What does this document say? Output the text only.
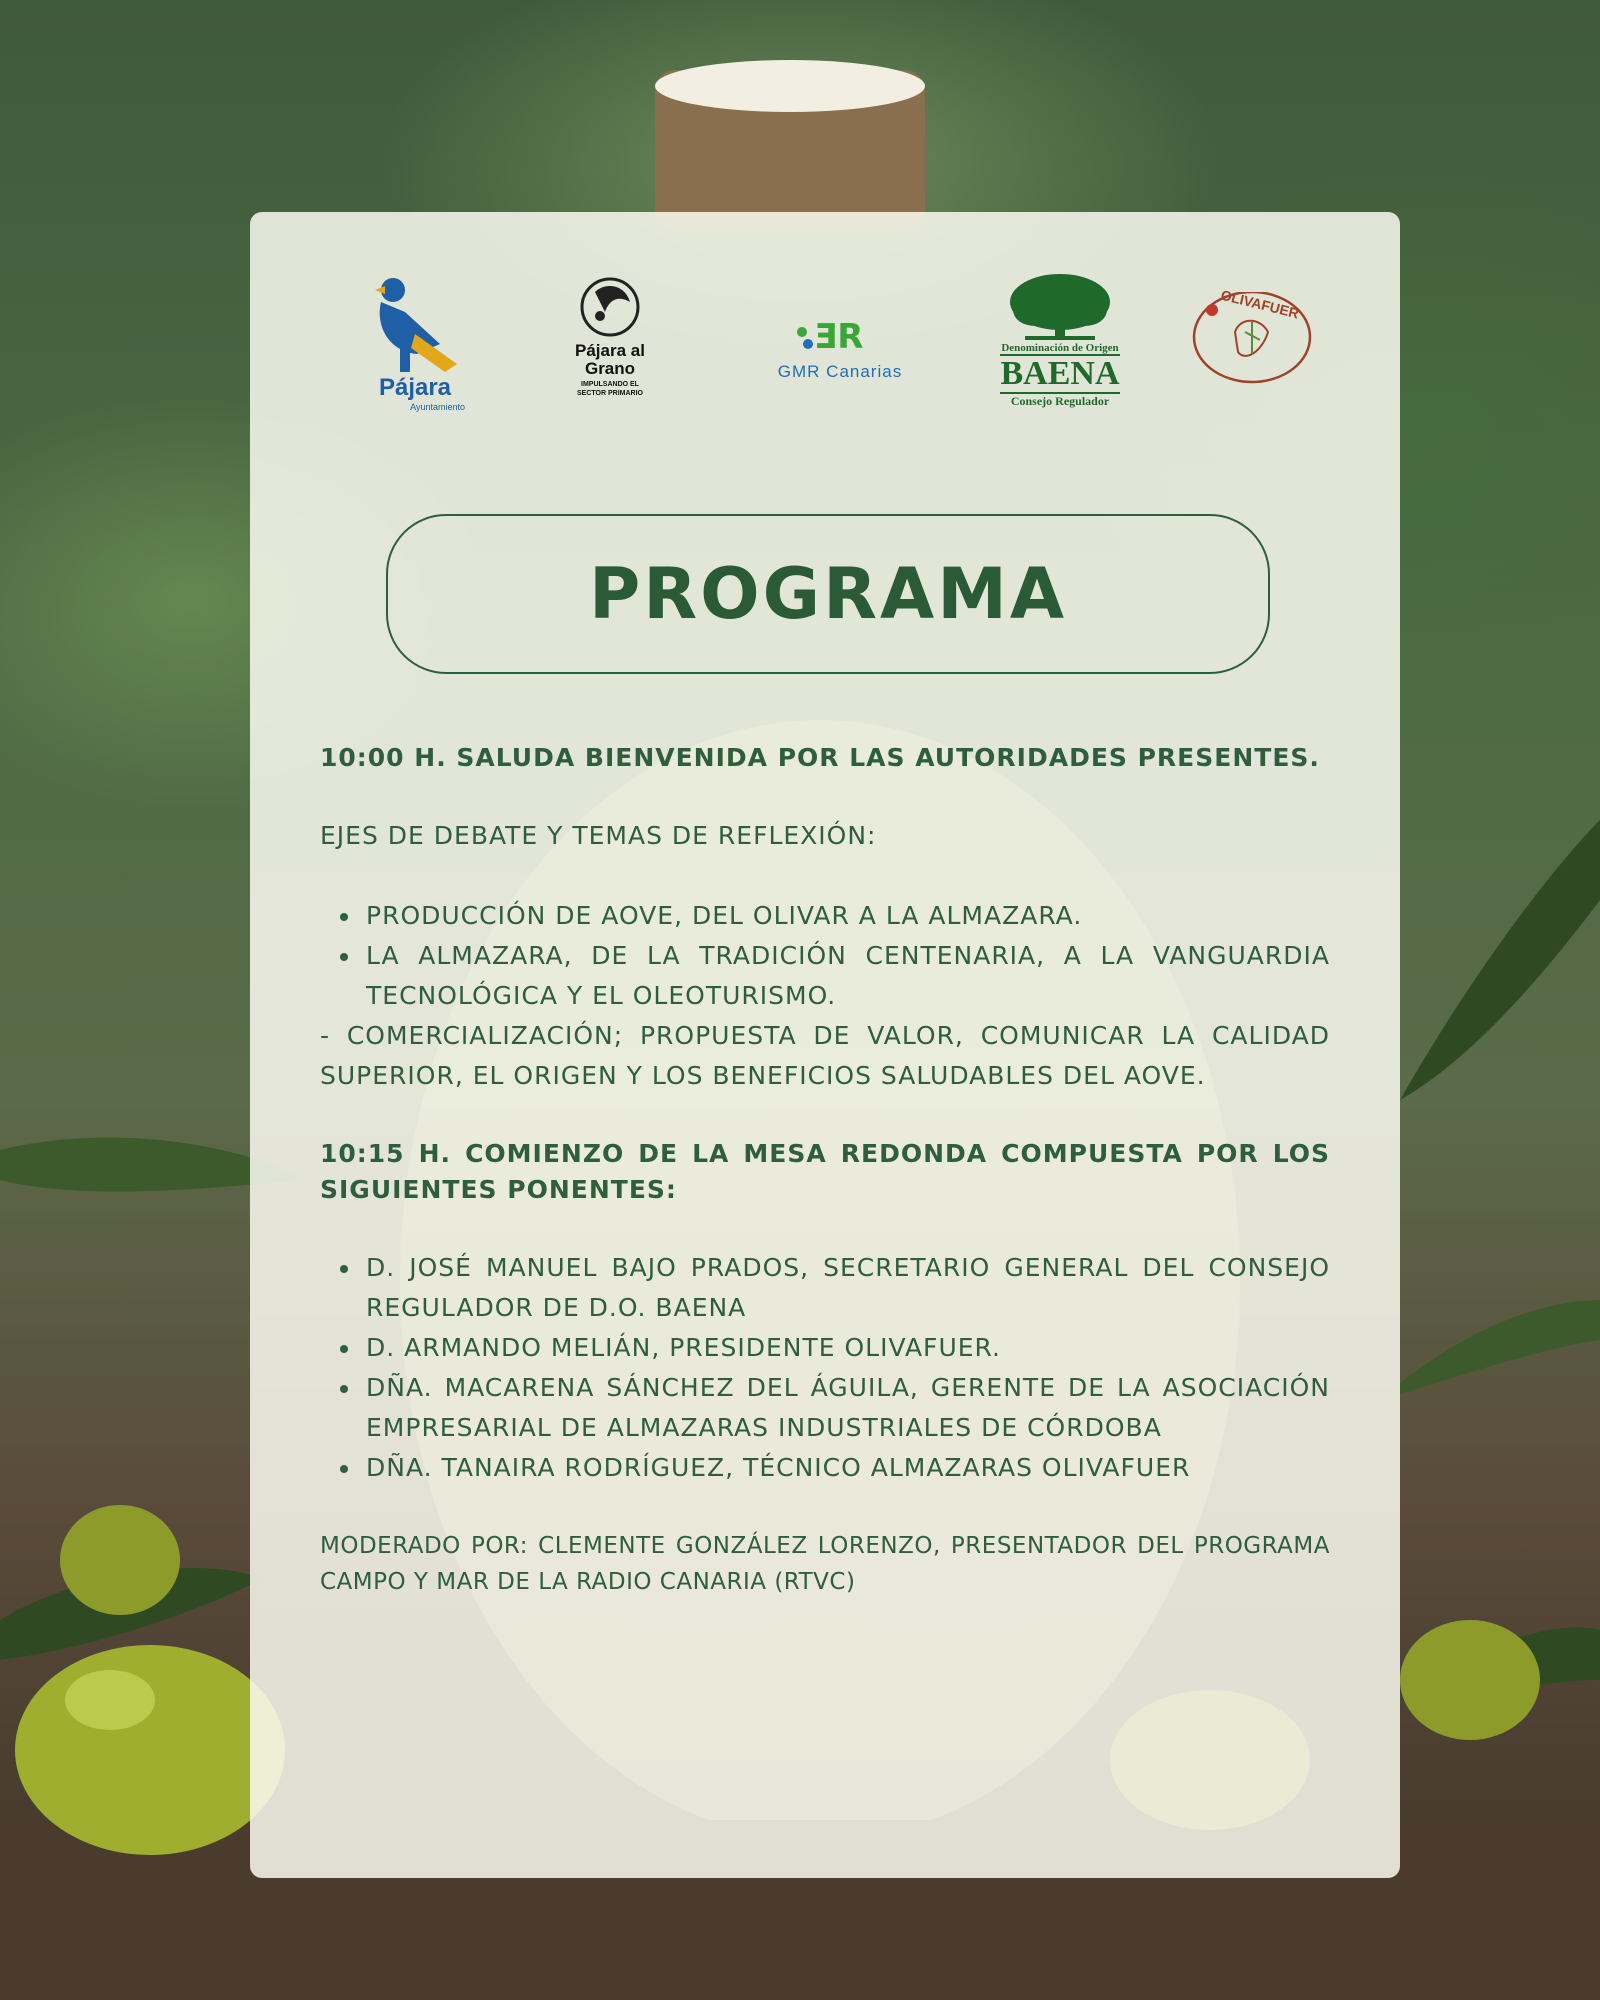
Pájara
Ayuntamiento
Pájara al Grano
IMPULSANDO EL SECTOR PRIMARIO
ƎR
GMR Canarias
Denominación de Origen
BAENA
Consejo Regulador
OLIVAFUER
PROGRAMA

10:00 H. SALUDA BIENVENIDA POR LAS AUTORIDADES PRESENTES.

EJES DE DEBATE Y TEMAS DE REFLEXIÓN:

PRODUCCIÓN DE AOVE, DEL OLIVAR A LA ALMAZARA.
LA ALMAZARA, DE LA TRADICIÓN CENTENARIA, A LA VANGUARDIA TECNOLÓGICA Y EL OLEOTURISMO.

- COMERCIALIZACIÓN; PROPUESTA DE VALOR, COMUNICAR LA CALIDAD SUPERIOR, EL ORIGEN Y LOS BENEFICIOS SALUDABLES DEL AOVE.

10:15 H. COMIENZO DE LA MESA REDONDA COMPUESTA POR LOS SIGUIENTES PONENTES:

D. JOSÉ MANUEL BAJO PRADOS, SECRETARIO GENERAL DEL CONSEJO REGULADOR DE D.O. BAENA
D. ARMANDO MELIÁN, PRESIDENTE OLIVAFUER.
DÑA. MACARENA SÁNCHEZ DEL ÁGUILA, GERENTE DE LA ASOCIACIÓN EMPRESARIAL DE ALMAZARAS INDUSTRIALES DE CÓRDOBA
DÑA. TANAIRA RODRÍGUEZ, TÉCNICO ALMAZARAS OLIVAFUER

MODERADO POR: CLEMENTE GONZÁLEZ LORENZO, PRESENTADOR DEL PROGRAMA CAMPO Y MAR DE LA RADIO CANARIA (RTVC)
